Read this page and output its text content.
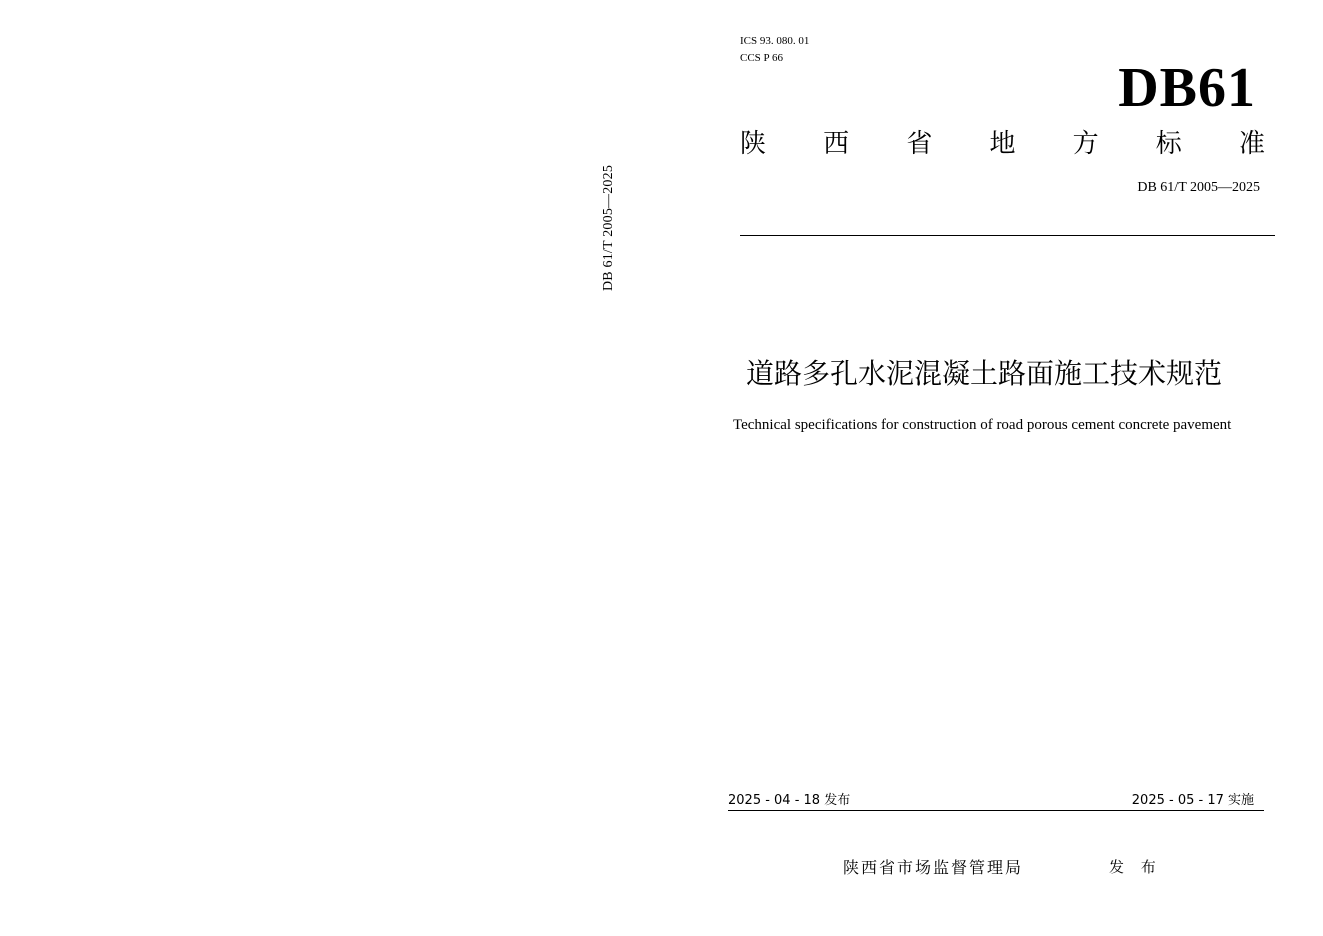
DB 61/T 2005—2025
ICS 93. 080. 01
CCS P 66	DB61
陕 西 省 地 方 标 准
DB 61/T 2005—2025
道路多孔水泥混凝土路面施工技术规范
Technical specifications for construction of road porous cement concrete pavement
2025 - 04 - 18 发布	2025 - 05 - 17 实施
陕西省市场监督管理局	发 布
